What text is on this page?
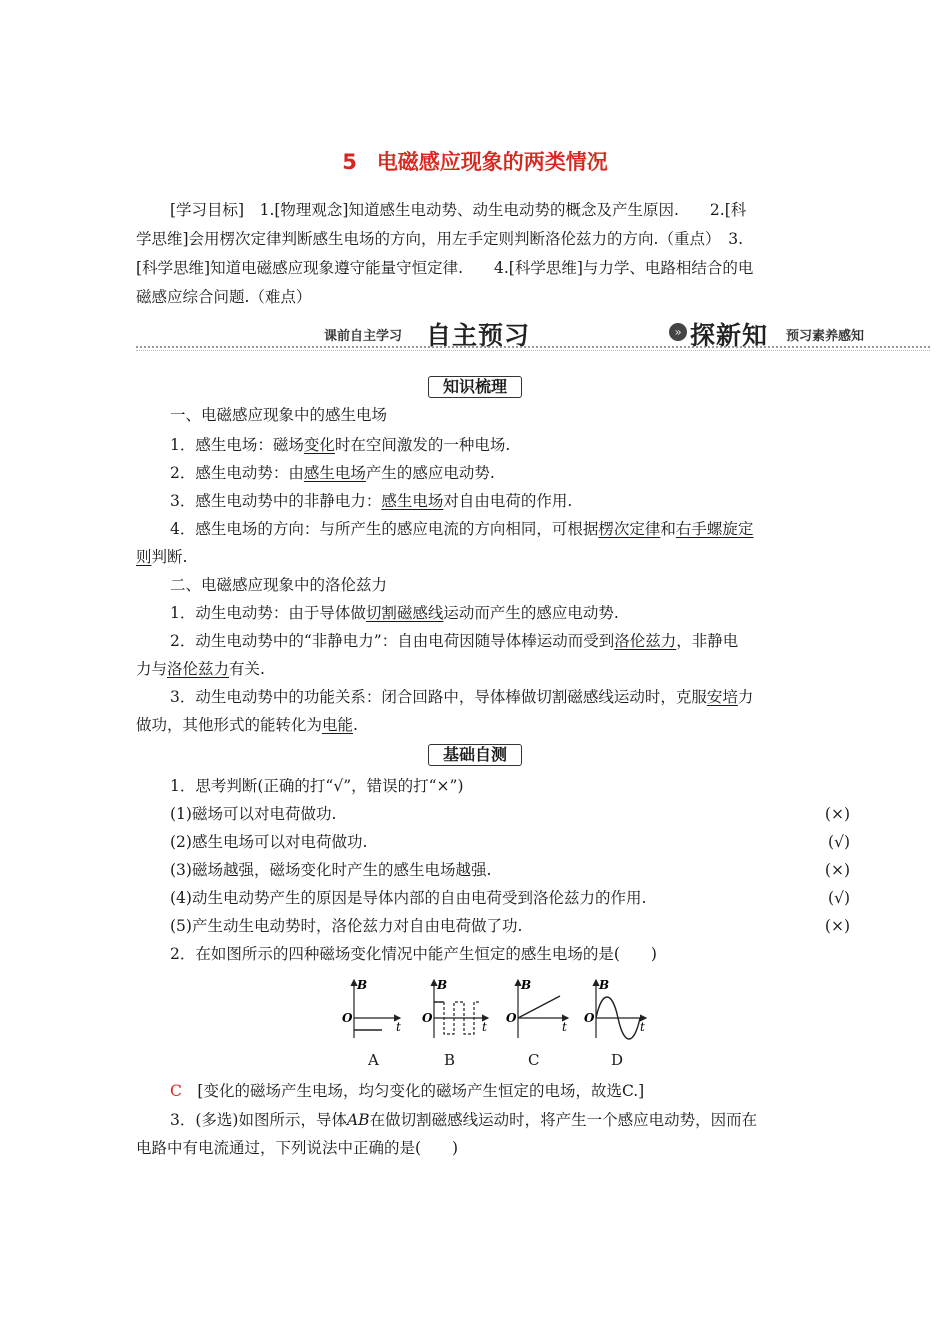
5 电磁感应现象的两类情况
[学习目标]　1.[物理观念]知道感生电动势、动生电动势的概念及产生原因.　　2.[科
学思维]会用楞次定律判断感生电场的方向，用左手定则判断洛伦兹力的方向.（重点）　3.
[科学思维]知道电磁感应现象遵守能量守恒定律.　　4.[科学思维]与力学、电路相结合的电
磁感应综合问题.（难点）
课前自主学习 自主预习	» 探新知 预习素养感知
知识梳理
一、电磁感应现象中的感生电场
1．感生电场：磁场变化时在空间激发的一种电场.
2．感生电动势：由感生电场产生的感应电动势.
3．感生电动势中的非静电力：感生电场对自由电荷的作用.
4．感生电场的方向：与所产生的感应电流的方向相同，可根据楞次定律和右手螺旋定
则判断.
二、电磁感应现象中的洛伦兹力
1．动生电动势：由于导体做切割磁感线运动而产生的感应电动势.
2．动生电动势中的“非静电力”：自由电荷因随导体棒运动而受到洛伦兹力，非静电
力与洛伦兹力有关.
3．动生电动势中的功能关系：闭合回路中，导体棒做切割磁感线运动时，克服安培力
做功，其他形式的能转化为电能.
基础自测
1．思考判断(正确的打“√”，错误的打“×”)
(1)磁场可以对电荷做功.	(×)
(2)感生电场可以对电荷做功.	(√)
(3)磁场越强，磁场变化时产生的感生电场越强.	(×)
(4)动生电动势产生的原因是导体内部的自由电荷受到洛伦兹力的作用.	(√)
(5)产生动生电动势时，洛伦兹力对自由电荷做了功.	(×)
2．在如图所示的四种磁场变化情况中能产生恒定的感生电场的是(　　)
B
O
t
B
O
t
B
O
t
B
O
t
A	B	C	D
C　 [变化的磁场产生电场，均匀变化的磁场产生恒定的电场，故选C.]
3．(多选)如图所示，导体AB在做切割磁感线运动时，将产生一个感应电动势，因而在
电路中有电流通过，下列说法中正确的是(　　)
